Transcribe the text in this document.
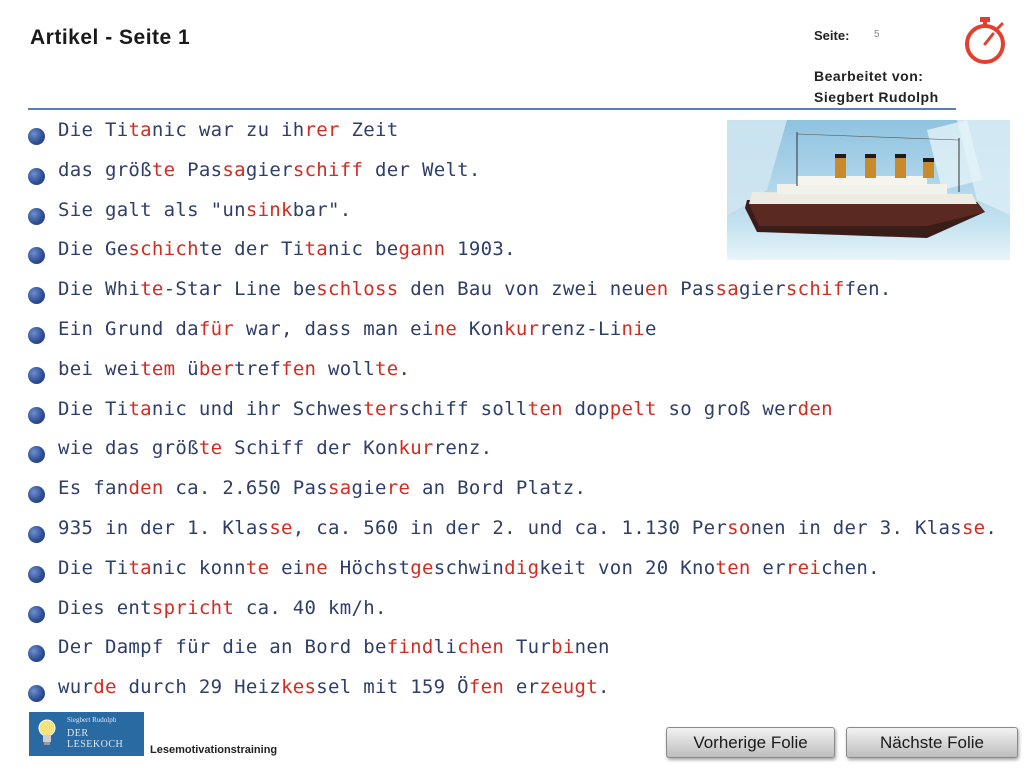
Artikel - Seite 1	Seite: 5
Bearbeitet von:
Siegbert Rudolph
Die Titanic war zu ihrer Zeit
das größte Passagierschiff der Welt.
Sie galt als "unsinkbar".
Die Geschichte der Titanic begann 1903.
Die White-Star Line beschloss den Bau von zwei neuen Passagierschiffen.
Ein Grund dafür war, dass man eine Konkurrenz-Linie
bei weitem übertreffen wollte.
Die Titanic und ihr Schwesterschiff sollten doppelt so groß werden
wie das größte Schiff der Konkurrenz.
Es fanden ca. 2.650 Passagiere an Bord Platz.
935 in der 1. Klasse, ca. 560 in der 2. und ca. 1.130 Personen in der 3. Klasse.
Die Titanic konnte eine Höchstgeschwindigkeit von 20 Knoten erreichen.
Dies entspricht ca. 40 km/h.
Der Dampf für die an Bord befindlichen Turbinen
wurde durch 29 Heizkessel mit 159 Öfen erzeugt.
Siegbert Rudolph
DER LESEKOCH	Lesemotivationstraining	Vorherige Folie	Nächste Folie
